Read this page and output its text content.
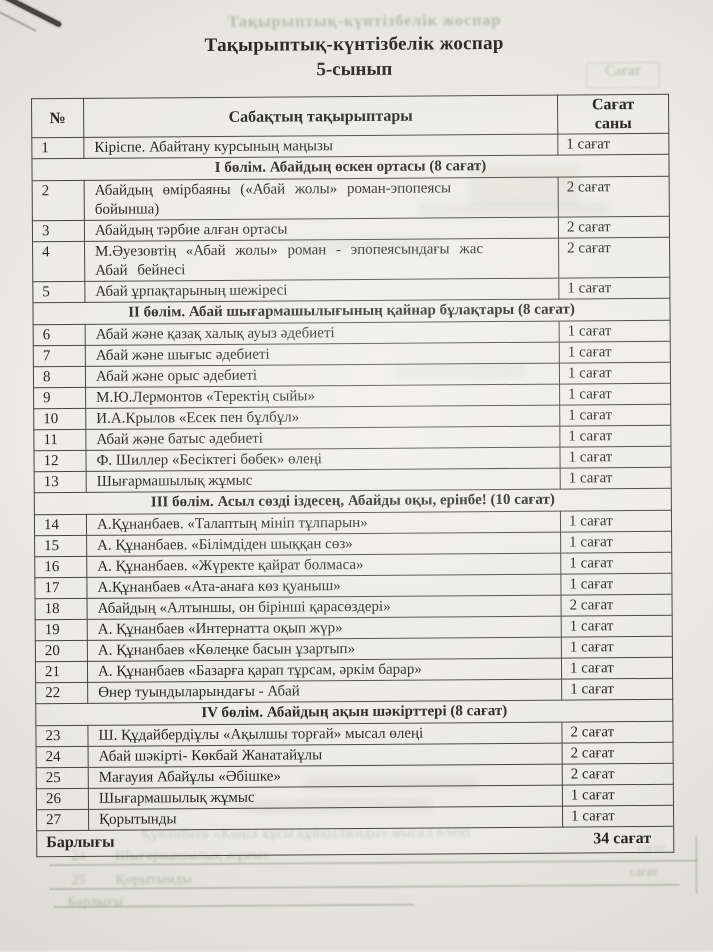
Тақырыптық-күнтізбелік жоспар
Сағат
Құнанбаев «Көңіл құсы құйқылжиды» мысал өлеңі
24 Шығармашылық жұмыс
25 Қорытынды
Барлығы
сағат
сағат
Тақырыптық-күнтізбелік жоспар
5-сынып
№	Сабақтың тақырыптары	Сағат
саны
1	Кіріспе. Абайтану курсының маңызы	1 сағат
І бөлім. Абайдың өскен ортасы (8 сағат)		
2	Абайдың өмірбаяны («Абай жолы» роман-эпопеясы
бойынша)	2 сағат
3	Абайдың тәрбие алған ортасы	2 сағат
4	М.Әуезовтің «Абай жолы» роман - эпопеясындағы жас
Абай бейнесі	2 сағат
5	Абай ұрпақтарының шежіресі	1 сағат
ІІ бөлім. Абай шығармашылығының қайнар бұлақтары (8 сағат)		
6	Абай және қазақ халық ауыз әдебиеті	1 сағат
7	Абай және шығыс әдебиеті	1 сағат
8	Абай және орыс әдебиеті	1 сағат
9	М.Ю.Лермонтов «Теректің сыйы»	1 сағат
10	И.А.Крылов «Есек пен бұлбұл»	1 сағат
11	Абай және батыс әдебиеті	1 сағат
12	Ф. Шиллер «Бесіктегі бөбек» өлеңі	1 сағат
13	Шығармашылық жұмыс	1 сағат
ІІІ бөлім. Асыл сөзді іздесең, Абайды оқы, ерінбе! (10 сағат)		
14	А.Құнанбаев. «Талаптың мініп тұлпарын»	1 сағат
15	А. Құнанбаев. «Білімдіден шыққан сөз»	1 сағат
16	А. Құнанбаев. «Жүректе қайрат болмаса»	1 сағат
17	А.Құнанбаев «Ата-анаға көз қуаныш»	1 сағат
18	Абайдың «Алтыншы, он бірінші қарасөздері»	2 сағат
19	А. Құнанбаев «Интернатта оқып жүр»	1 сағат
20	А. Құнанбаев «Көлеңке басын ұзартып»	1 сағат
21	А. Құнанбаев «Базарға қарап тұрсам, әркім барар»	1 сағат
22	Өнер туындыларындағы - Абай	1 сағат
IV бөлім. Абайдың ақын шәкірттері (8 сағат)		
23	Ш. Құдайбердіұлы «Ақылшы торғай» мысал өлеңі	2 сағат
24	Абай шәкірті- Көкбай Жанатайұлы	2 сағат
25	Мағауия Абайұлы «Әбішке»	2 сағат
26	Шығармашылық жұмыс	1 сағат
27	Қорытынды	1 сағат

Барлығы 34 сағат		
